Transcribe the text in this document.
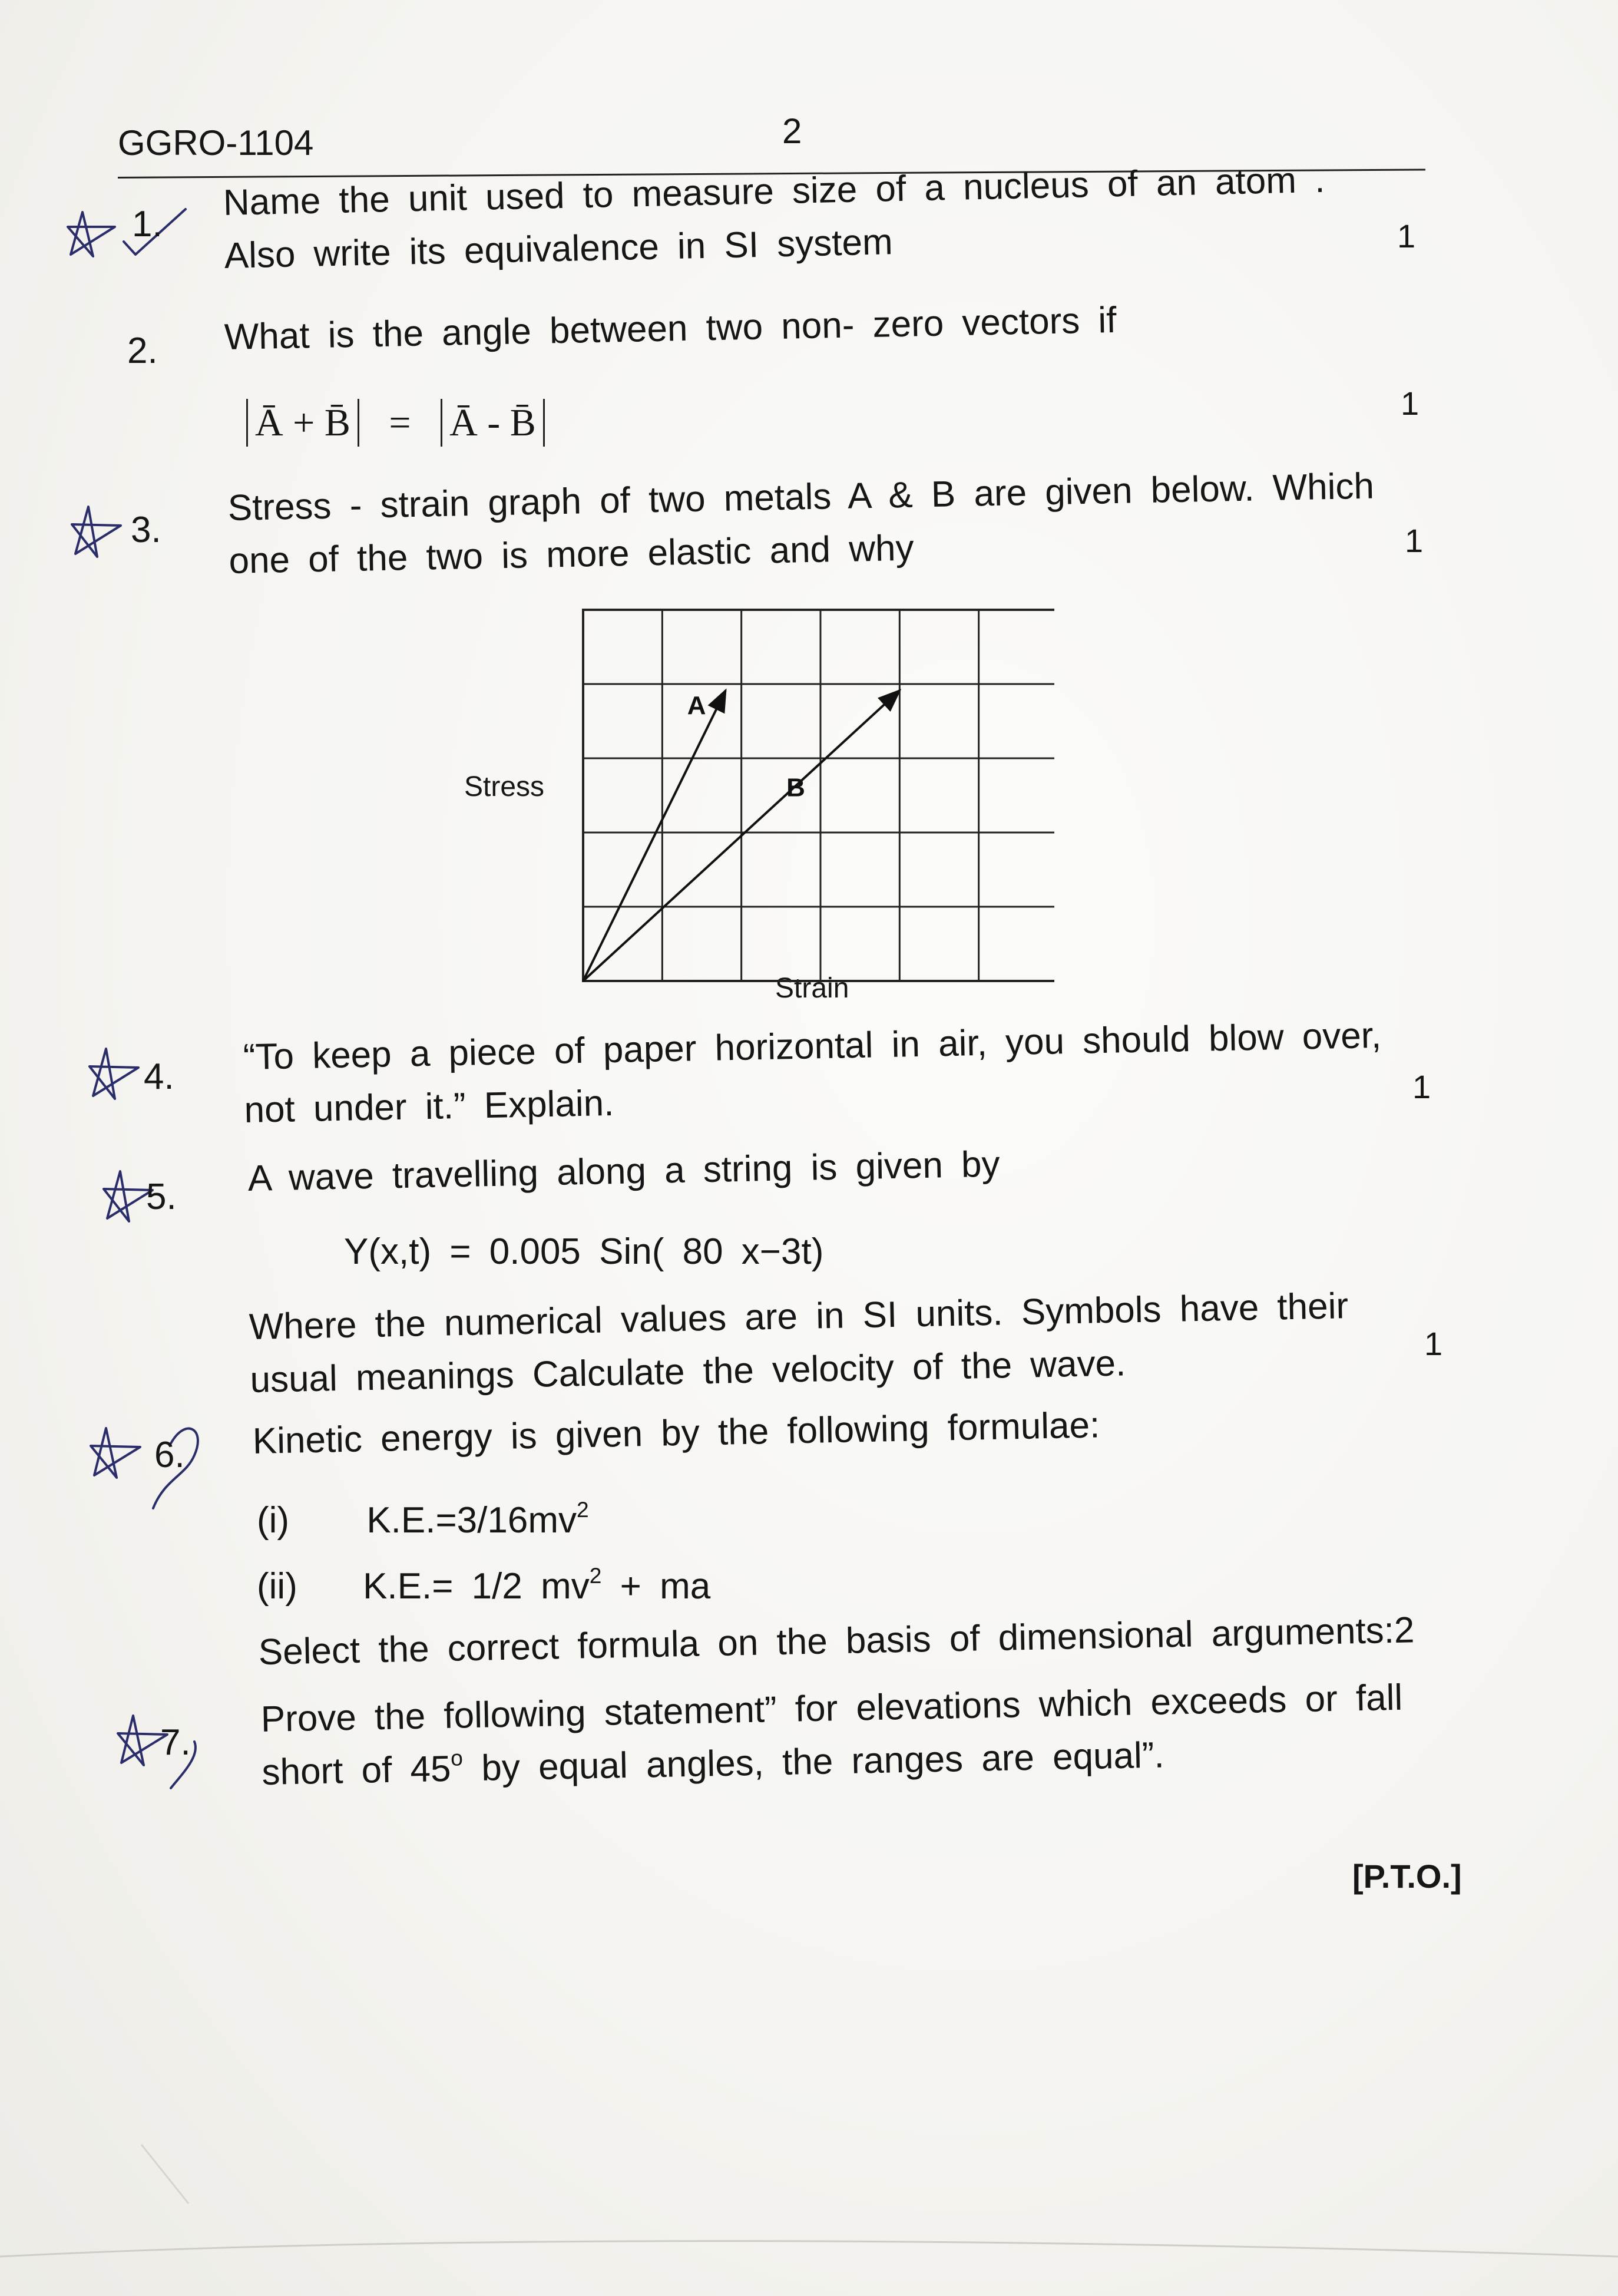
GGRO-1104	2
1.
Name the unit used to measure size of a nucleus of an atom .
Also write its equivalence in SI system	1
2. What is the angle between two non- zero vectors if
Ā + B̄ = Ā - B̄	1
3.
Stress - strain graph of two metals A & B are given below. Which
one of the two is more elastic and why	1
Stress
Strain
A
B
4. “To keep a piece of paper horizontal in air, you should blow over,
not under it.” Explain.	1
5. A wave travelling along a string is given by
Y(x,t) = 0.005 Sin( 80 x−3t)
Where the numerical values are in SI units. Symbols have their
usual meanings Calculate the velocity of the wave.	1
6. Kinetic energy is given by the following formulae:
(i) $K.E.=3/16mv^2$
(ii) K.E.= 1/2 $mv^2$ + ma
Select the correct formula on the basis of dimensional arguments:2
7.
Prove the following statement” for elevations which exceeds or fall
short of 45$^o$ by equal angles, the ranges are equal”.
[P.T.O.]
